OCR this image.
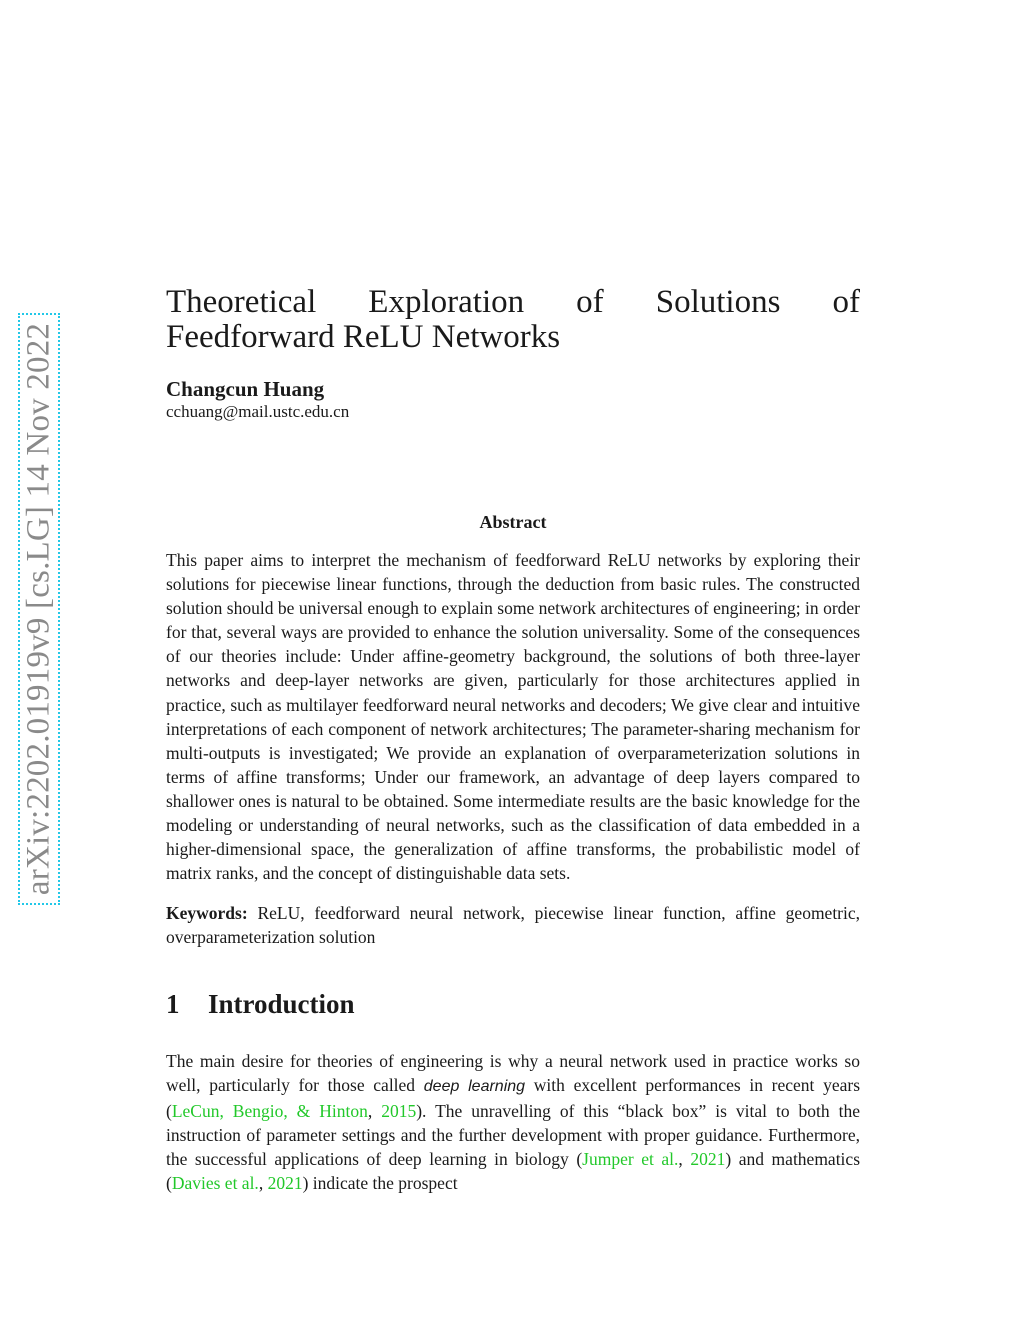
arXiv:2202.01919v9 [cs.LG] 14 Nov 2022
Theoretical Exploration of Solutions of Feedforward ReLU Networks
Changcun Huang
cchuang@mail.ustc.edu.cn
Abstract
This paper aims to interpret the mechanism of feedforward ReLU networks by exploring their solutions for piecewise linear functions, through the deduction from basic rules. The constructed solution should be universal enough to explain some network architectures of engineering; in order for that, several ways are provided to enhance the solution universality. Some of the consequences of our theories include: Under affine-geometry background, the solutions of both three-layer networks and deep-layer networks are given, particularly for those architectures applied in practice, such as multilayer feedforward neural networks and decoders; We give clear and intuitive interpretations of each component of network architectures; The parameter-sharing mechanism for multi-outputs is investigated; We provide an explanation of overparameterization solutions in terms of affine transforms; Under our framework, an advantage of deep layers compared to shallower ones is natural to be obtained. Some intermediate results are the basic knowledge for the modeling or understanding of neural networks, such as the classification of data embedded in a higher-dimensional space, the generalization of affine transforms, the probabilistic model of matrix ranks, and the concept of distinguishable data sets.
Keywords: ReLU, feedforward neural network, piecewise linear function, affine geometric, overparameterization solution
1 Introduction
The main desire for theories of engineering is why a neural network used in practice works so well, particularly for those called deep learning with excellent performances in recent years (LeCun, Bengio, & Hinton, 2015). The unravelling of this “black box” is vital to both the instruction of parameter settings and the further development with proper guidance. Furthermore, the successful applications of deep learning in biology (Jumper et al., 2021) and mathematics (Davies et al., 2021) indicate the prospect
